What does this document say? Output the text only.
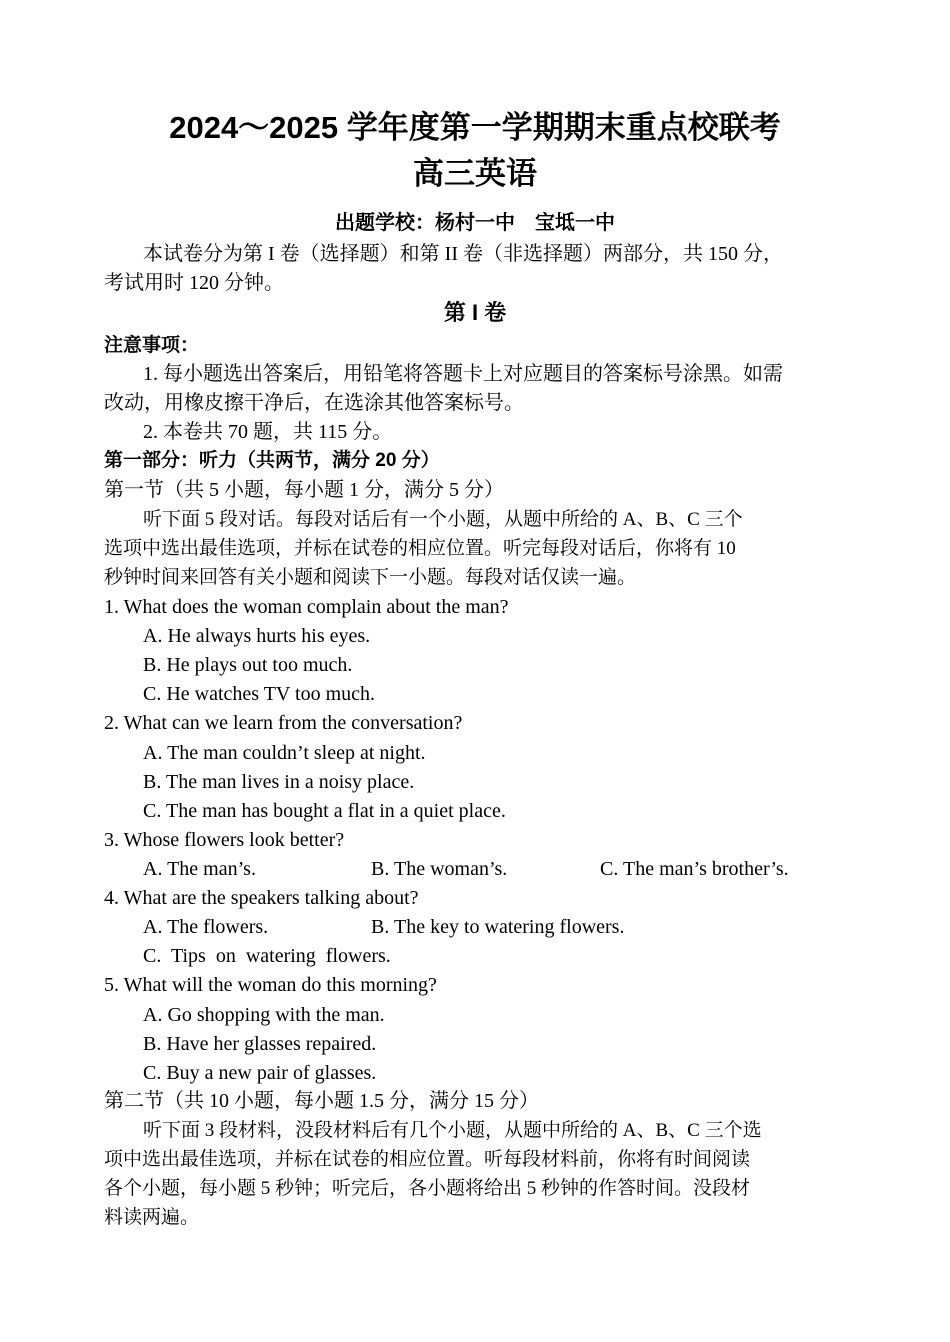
2024～2025 学年度第一学期期末重点校联考
高三英语
出题学校：杨村一中　宝坻一中
本试卷分为第 I 卷（选择题）和第 II 卷（非选择题）两部分，共 150 分，
考试用时 120 分钟。
第 I 卷
注意事项：
1. 每小题选出答案后，用铅笔将答题卡上对应题目的答案标号涂黑。如需
改动，用橡皮擦干净后，在选涂其他答案标号。
2. 本卷共 70 题，共 115 分。
第一部分：听力（共两节，满分 20 分）
第一节（共 5 小题，每小题 1 分，满分 5 分）
听下面 5 段对话。每段对话后有一个小题，从题中所给的 A、B、C 三个
选项中选出最佳选项，并标在试卷的相应位置。听完每段对话后，你将有 10
秒钟时间来回答有关小题和阅读下一小题。每段对话仅读一遍。
1. What does the woman complain about the man?
A. He always hurts his eyes.
B. He plays out too much.
C. He watches TV too much.
2. What can we learn from the conversation?
A. The man couldn’t sleep at night.
B. The man lives in a noisy place.
C. The man has bought a flat in a quiet place.
3. Whose flowers look better?
A. The man’s.	B. The woman’s.	C. The man’s brother’s.
4. What are the speakers talking about?
A. The flowers.	B. The key to watering flowers.
C.  Tips  on  watering  flowers.
5. What will the woman do this morning?
A. Go shopping with the man.
B. Have her glasses repaired.
C. Buy a new pair of glasses.
第二节（共 10 小题，每小题 1.5 分，满分 15 分）
听下面 3 段材料，没段材料后有几个小题，从题中所给的 A、B、C 三个选
项中选出最佳选项，并标在试卷的相应位置。听每段材料前，你将有时间阅读
各个小题，每小题 5 秒钟；听完后，各小题将给出 5 秒钟的作答时间。没段材
料读两遍。
